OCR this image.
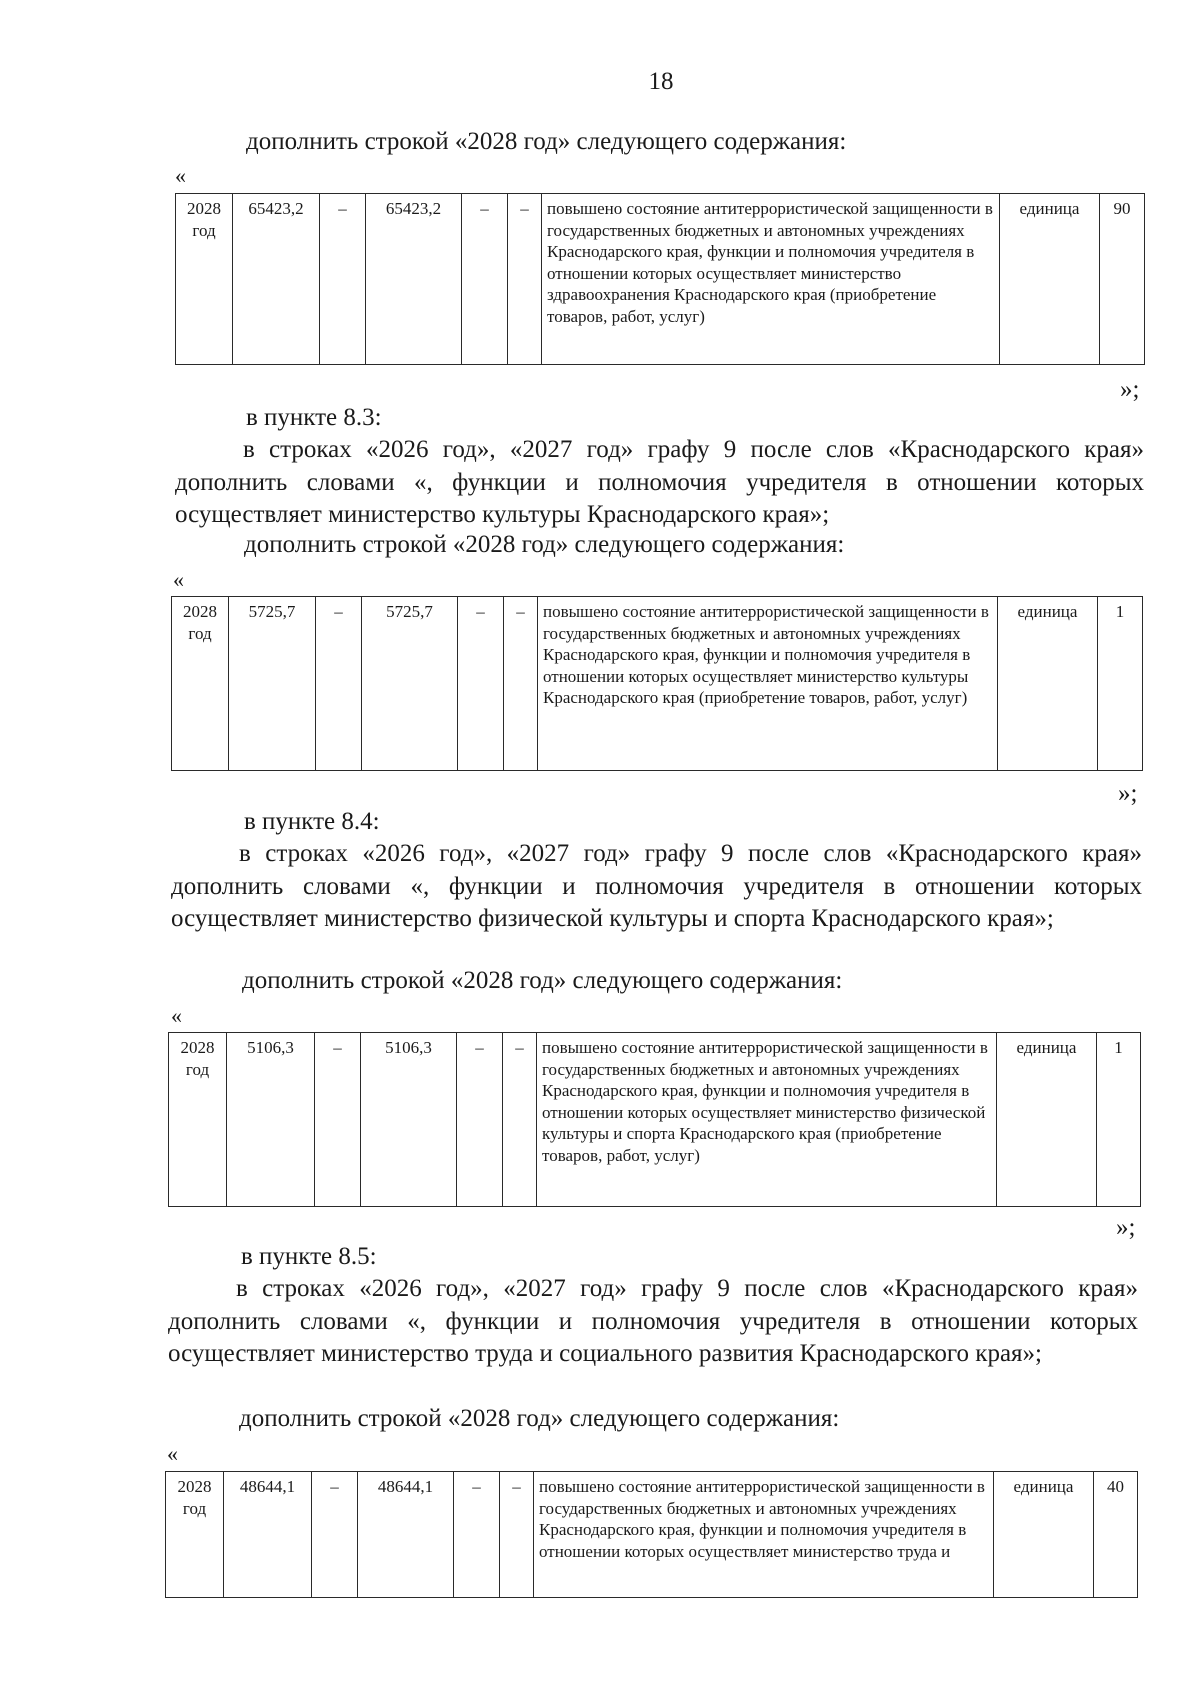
18
дополнить строкой «2028 год» следующего содержания:
«
2028 год	65423,2	–	65423,2	–	–	повышено состояние антитеррористической защищенности в государственных бюджетных и автономных учреждениях Краснодарского края, функции и полномочия учредителя в отношении которых осуществляет министерство здравоохранения Краснодарского края (приобретение товаров, работ, услуг)	единица	90
»;
в пункте 8.3:
в строках «2026 год», «2027 год» графу 9 после слов «Краснодарского края» дополнить словами «, функции и полномочия учредителя в отношении которых осуществляет министерство культуры Краснодарского края»;
дополнить строкой «2028 год» следующего содержания:
«
2028 год	5725,7	–	5725,7	–	–	повышено состояние антитеррористической защищенности в государственных бюджетных и автономных учреждениях Краснодарского края, функции и полномочия учредителя в отношении которых осуществляет министерство культуры Краснодарского края (приобретение товаров, работ, услуг)	единица	1
»;
в пункте 8.4:
в строках «2026 год», «2027 год» графу 9 после слов «Краснодарского края» дополнить словами «, функции и полномочия учредителя в отношении которых осуществляет министерство физической культуры и спорта Краснодарского края»;
дополнить строкой «2028 год» следующего содержания:
«
2028 год	5106,3	–	5106,3	–	–	повышено состояние антитеррористической защищенности в государственных бюджетных и автономных учреждениях Краснодарского края, функции и полномочия учредителя в отношении которых осуществляет министерство физической культуры и спорта Краснодарского края (приобретение товаров, работ, услуг)	единица	1
»;
в пункте 8.5:
в строках «2026 год», «2027 год» графу 9 после слов «Краснодарского края» дополнить словами «, функции и полномочия учредителя в отношении которых осуществляет министерство труда и социального развития Краснодарского края»;
дополнить строкой «2028 год» следующего содержания:
«
2028 год	48644,1	–	48644,1	–	–	повышено состояние антитеррористической защищенности в государственных бюджетных и автономных учреждениях Краснодарского края, функции и полномочия учредителя в отношении которых осуществляет министерство труда и	единица	40
